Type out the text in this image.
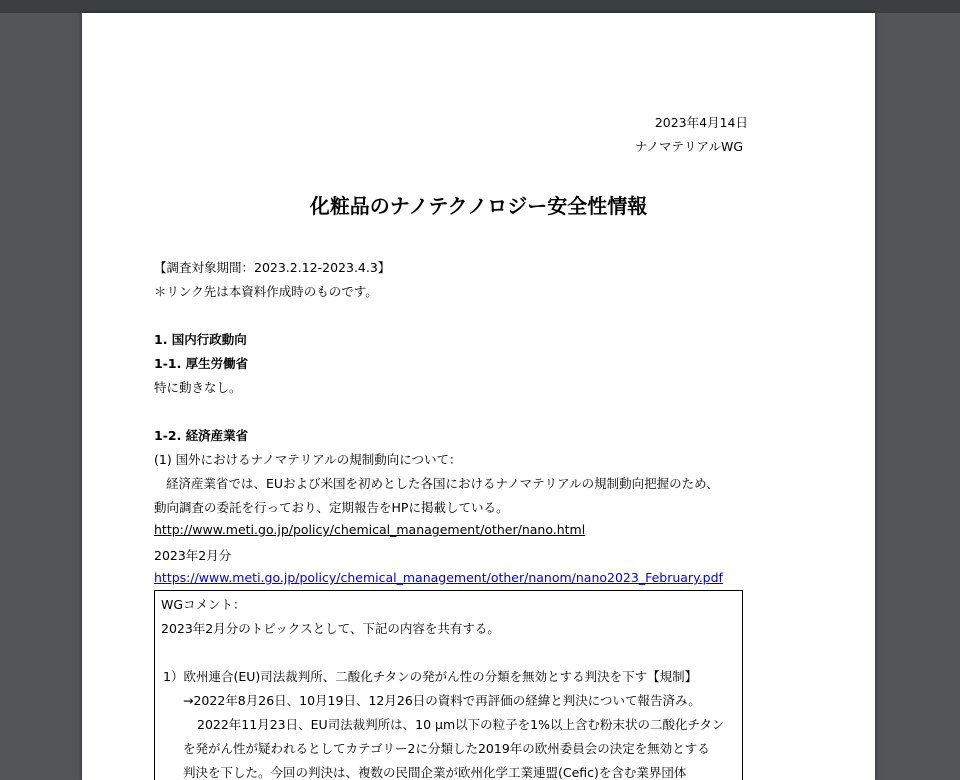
2023年4月14日
ナノマテリアルWG
化粧品のナノテクノロジー安全性情報
【調査対象期間：2023.2.12-2023.4.3】
＊リンク先は本資料作成時のものです。
1. 国内行政動向
1-1. 厚生労働省
特に動きなし。
1-2. 経済産業省
(1) 国外におけるナノマテリアルの規制動向について：
経済産業省では、EUおよび米国を初めとした各国におけるナノマテリアルの規制動向把握のため、
動向調査の委託を行っており、定期報告をHPに掲載している。
http://www.meti.go.jp/policy/chemical_management/other/nano.html
2023年2月分
https://www.meti.go.jp/policy/chemical_management/other/nanom/nano2023_February.pdf
WGコメント：
2023年2月分のトピックスとして、下記の内容を共有する。
1）欧州連合(EU)司法裁判所、二酸化チタンの発がん性の分類を無効とする判決を下す【規制】
→2022年8月26日、10月19日、12月26日の資料で再評価の経緯と判決について報告済み。
2022年11月23日、EU司法裁判所は、10 μm以下の粒子を1%以上含む粉末状の二酸化チタン
を発がん性が疑われるとしてカテゴリー2に分類した2019年の欧州委員会の決定を無効とする
判決を下した。今回の判決は、複数の民間企業が欧州化学工業連盟(Cefic)を含む業界団体
